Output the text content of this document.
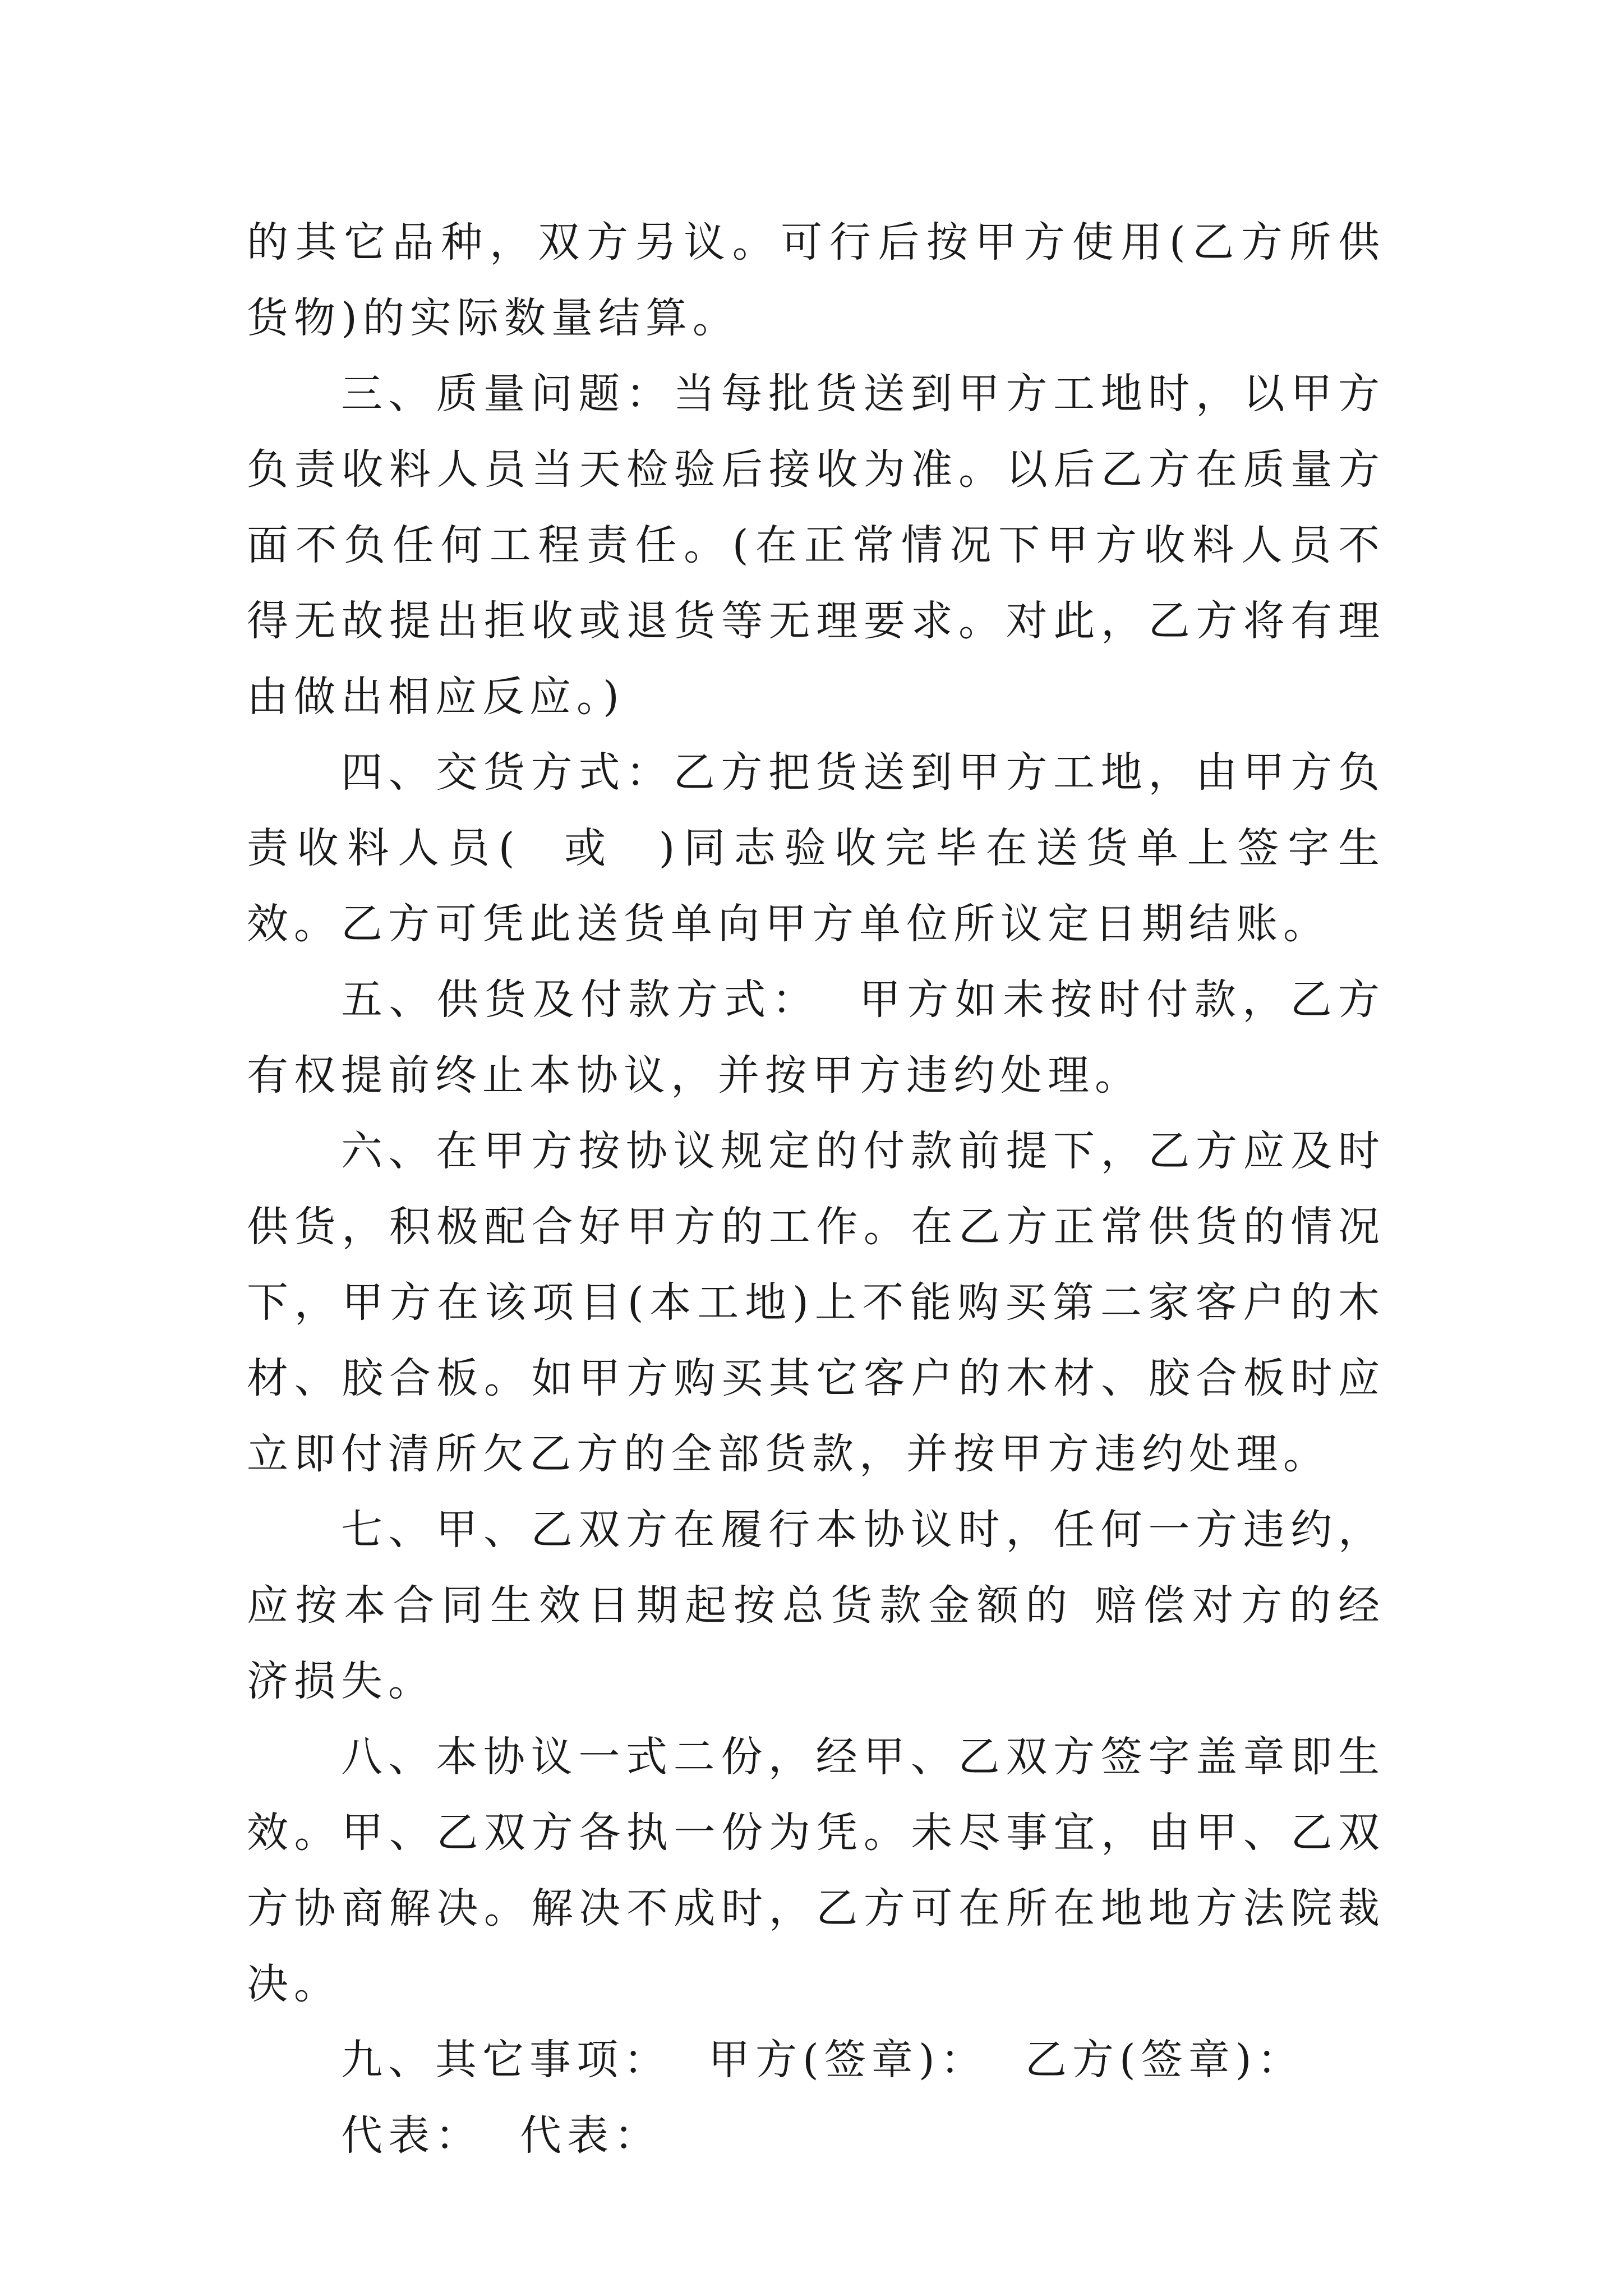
的其它品种，双方另议。可行后按甲方使用(乙方所供货物)的实际数量结算。

三、质量问题：当每批货送到甲方工地时，以甲方负责收料人员当天检验后接收为准。以后乙方在质量方面不负任何工程责任。(在正常情况下甲方收料人员不得无故提出拒收或退货等无理要求。对此，乙方将有理由做出相应反应。)

四、交货方式：乙方把货送到甲方工地，由甲方负责收料人员(  或  )同志验收完毕在送货单上签字生效。乙方可凭此送货单向甲方单位所议定日期结账。

五、供货及付款方式：  甲方如未按时付款，乙方有权提前终止本协议，并按甲方违约处理。

六、在甲方按协议规定的付款前提下，乙方应及时供货，积极配合好甲方的工作。在乙方正常供货的情况下，甲方在该项目(本工地)上不能购买第二家客户的木材、胶合板。如甲方购买其它客户的木材、胶合板时应立即付清所欠乙方的全部货款，并按甲方违约处理。

七、甲、乙双方在履行本协议时，任何一方违约，应按本合同生效日期起按总货款金额的 赔偿对方的经济损失。

八、本协议一式二份，经甲、乙双方签字盖章即生效。甲、乙双方各执一份为凭。未尽事宜，由甲、乙双方协商解决。解决不成时，乙方可在所在地地方法院裁决。

九、其它事项：  甲方(签章)：  乙方(签章)：

代表：  代表：
